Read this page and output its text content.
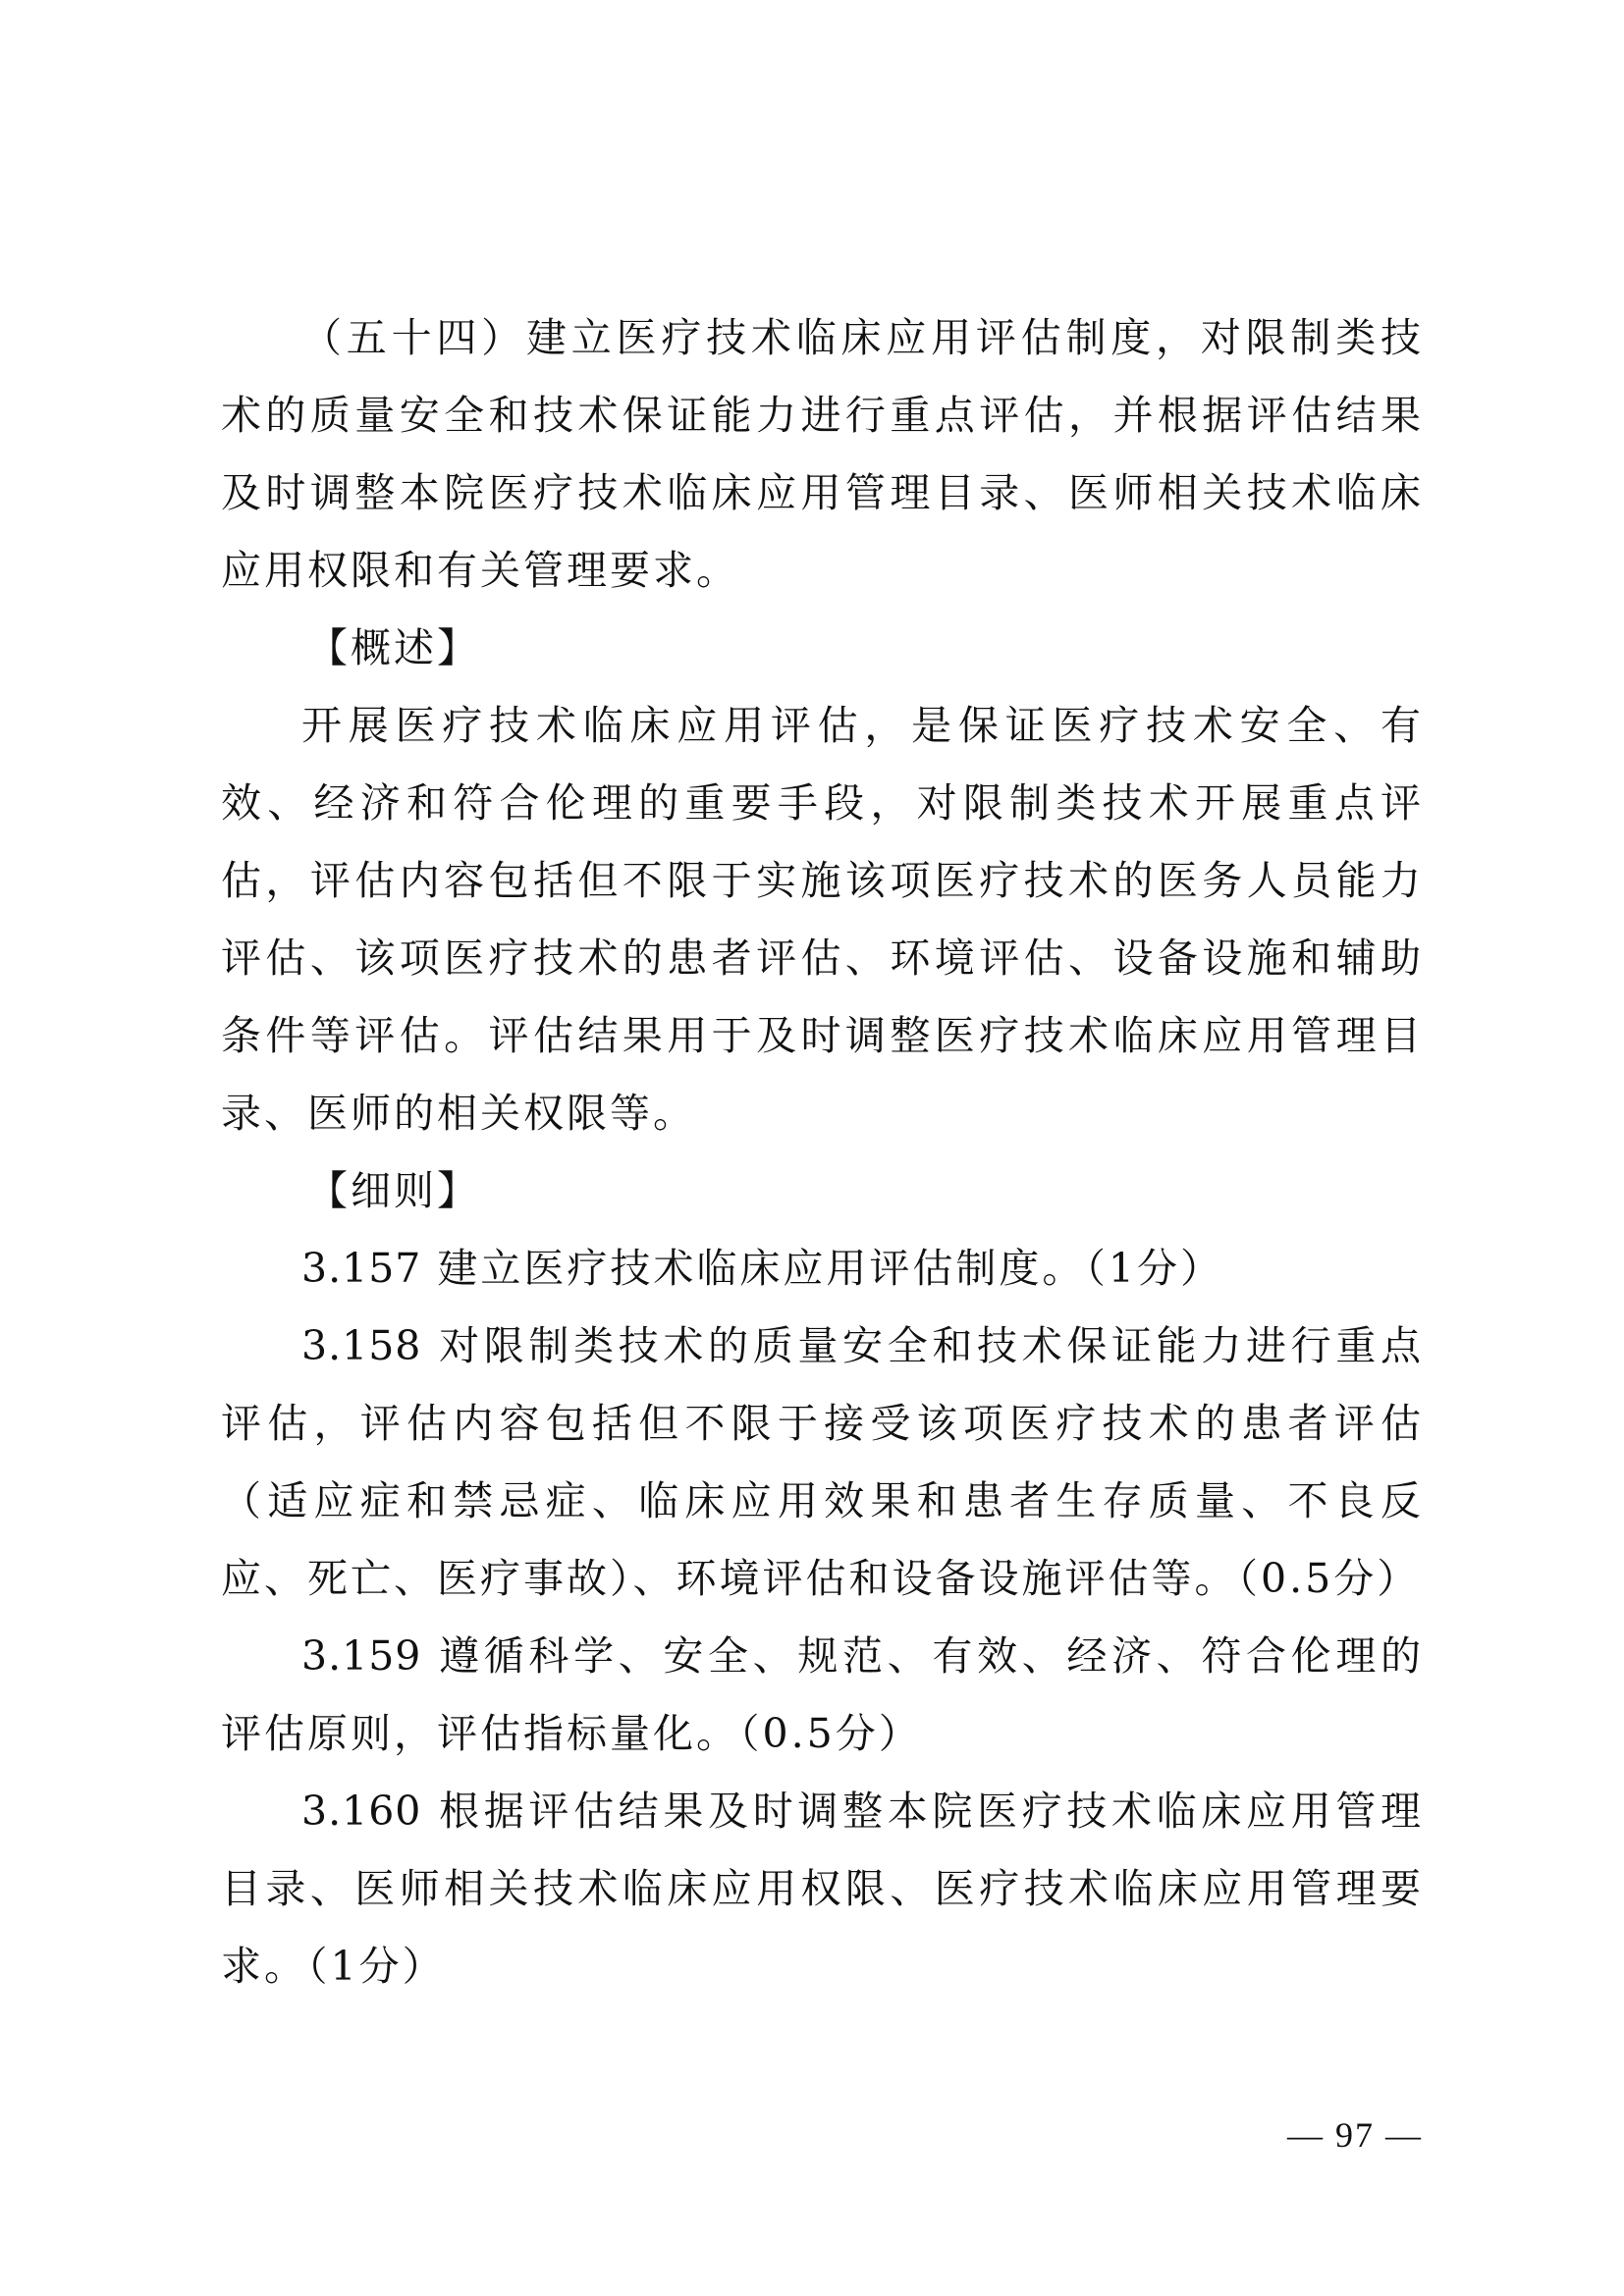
（五十四）建立医疗技术临床应用评估制度，对限制类技术的质量安全和技术保证能力进行重点评估，并根据评估结果及时调整本院医疗技术临床应用管理目录、医师相关技术临床应用权限和有关管理要求。

【概述】

开展医疗技术临床应用评估，是保证医疗技术安全、有效、经济和符合伦理的重要手段，对限制类技术开展重点评估，评估内容包括但不限于实施该项医疗技术的医务人员能力评估、该项医疗技术的患者评估、环境评估、设备设施和辅助条件等评估。评估结果用于及时调整医疗技术临床应用管理目录、医师的相关权限等。

【细则】

3.157 建立医疗技术临床应用评估制度。（1分）

3.158 对限制类技术的质量安全和技术保证能力进行重点评估，评估内容包括但不限于接受该项医疗技术的患者评估（适应症和禁忌症、临床应用效果和患者生存质量、不良反应、死亡、医疗事故）、环境评估和设备设施评估等。（0.5分）

3.159 遵循科学、安全、规范、有效、经济、符合伦理的评估原则，评估指标量化。（0.5分）

3.160 根据评估结果及时调整本院医疗技术临床应用管理目录、医师相关技术临床应用权限、医疗技术临床应用管理要求。（1分）

— 97 —
